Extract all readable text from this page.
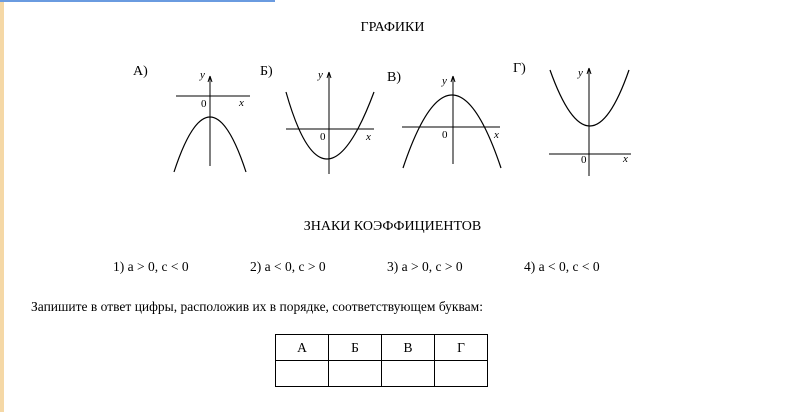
ГРАФИКИ
А)	y
x
0
Б)	y
x
0
В)	y
x
0
Г)	y
x
0
ЗНАКИ КОЭФФИЦИЕНТОВ
1) a > 0, c < 0	2) a < 0, c > 0	3) a > 0, c > 0	4) a < 0, c < 0
Запишите в ответ цифры, расположив их в порядке, соответствующем буквам:
А	Б	В	Г
